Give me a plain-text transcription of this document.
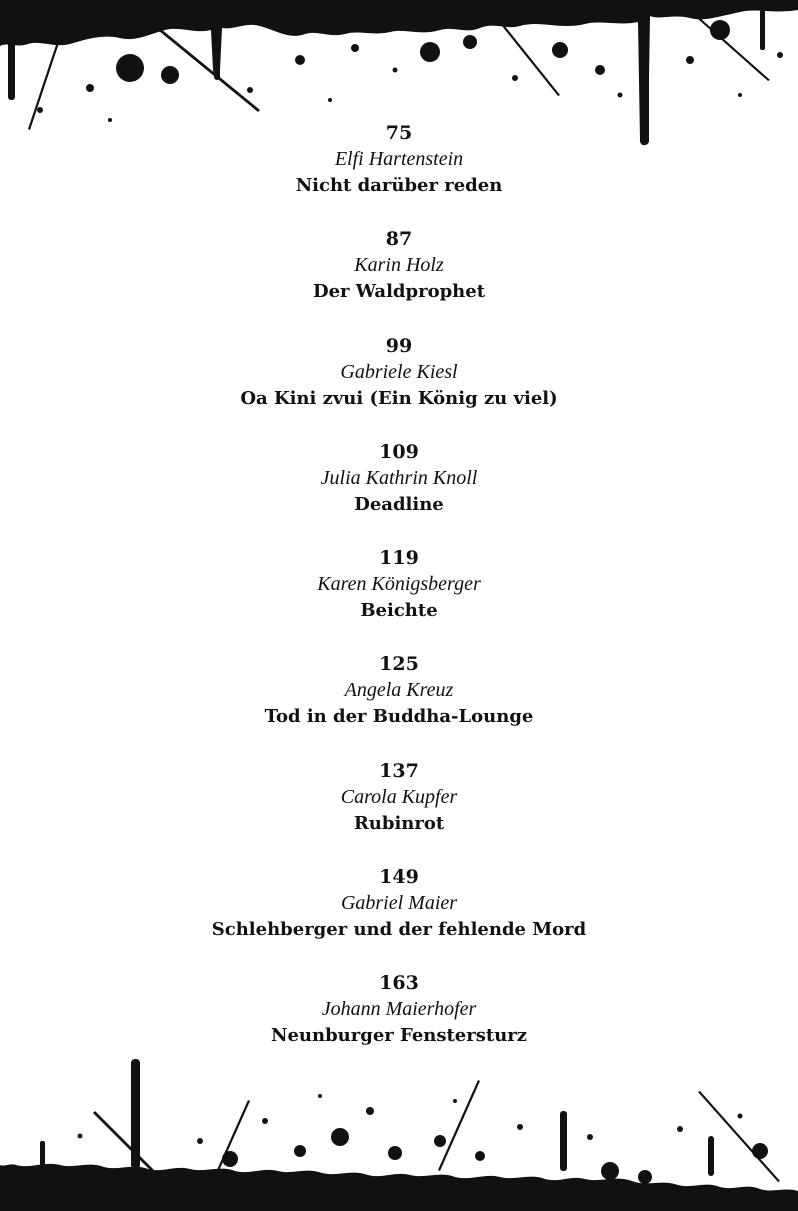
75
Elfi Hartenstein
Nicht darüber reden
87
Karin Holz
Der Waldprophet
99
Gabriele Kiesl
Oa Kini zvui (Ein König zu viel)
109
Julia Kathrin Knoll
Deadline
119
Karen Königsberger
Beichte
125
Angela Kreuz
Tod in der Buddha-Lounge
137
Carola Kupfer
Rubinrot
149
Gabriel Maier
Schlehberger und der fehlende Mord
163
Johann Maierhofer
Neunburger Fenstersturz
